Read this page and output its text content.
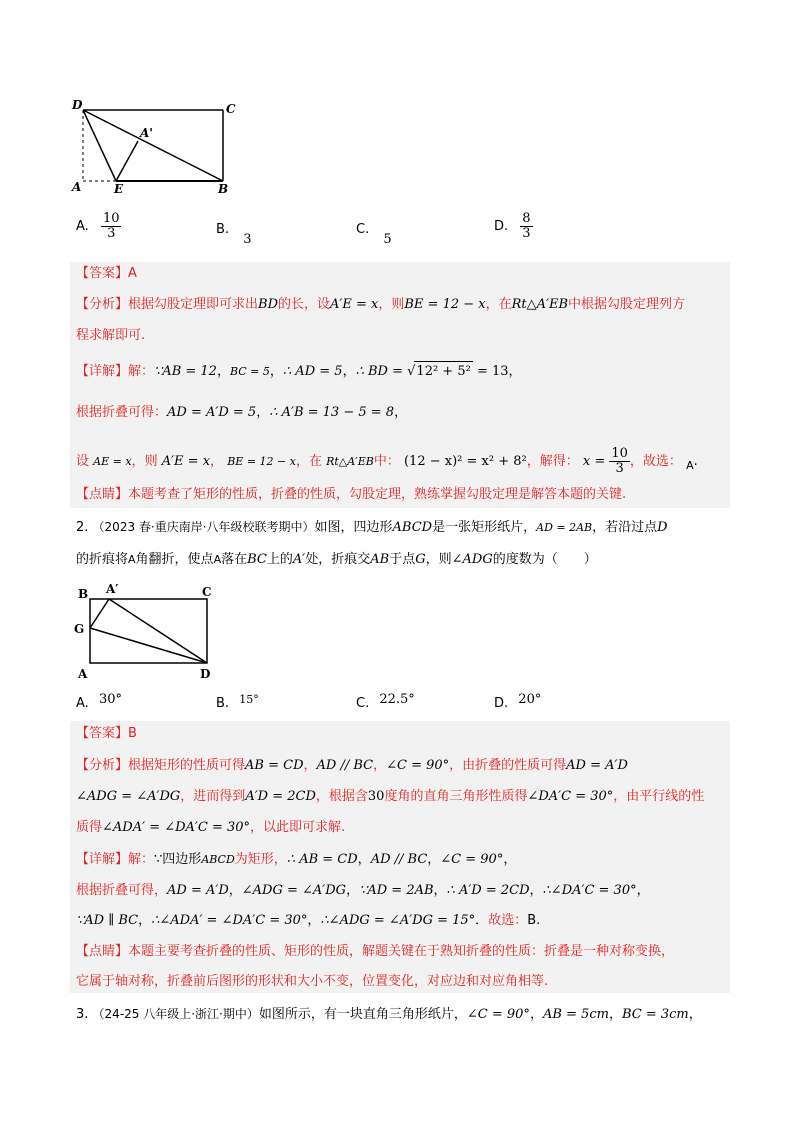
D	C
A'
A	E	B
A. $\frac{10}{3}$	B. 3
C. 5
D. $\frac{8}{3}$
【答案】A
【分析】根据勾股定理即可求出BD的长，设A′E = x，则BE = 12 − x，在Rt△A′EB中根据勾股定理列方
程求解即可.
【详解】解：∵AB = 12，BC = 5，∴ AD = 5，∴ BD = √12² + 5² = 13，
根据折叠可得：AD = A′D = 5，∴ A′B = 13 − 5 = 8，
设 AE = x，则 A′E = x， BE = 12 − x，在 Rt△A′EB中： (12 − x)² = x² + 8²，解得： $x = \frac{10}{3}$ ，故选： $_A$.
【点睛】本题考查了矩形的性质，折叠的性质，勾股定理，熟练掌握勾股定理是解答本题的关键.
2. （2023 春·重庆南岸·八年级校联考期中）如图，四边形ABCD是一张矩形纸片，AD = 2AB，若沿过点D
的折痕将A角翻折，使点A落在BC上的A′处，折痕交AB于点G，则∠ADG的度数为（　　）
B A′	C
G
A	D
A. 30°	B. $^{15^\circ}$	C. 22.5°	D. 20°
【答案】B
【分析】根据矩形的性质可得AB = CD，AD // BC，∠C = 90°，由折叠的性质可得AD = A′D
∠ADG = ∠A′DG，进而得到A′D = 2CD，根据含30度角的直角三角形性质得∠DA′C = 30°，由平行线的性
质得∠ADA′ = ∠DA′C = 30°，以此即可求解.
【详解】解：∵四边形ABCD为矩形，∴ AB = CD，AD // BC，∠C = 90°，
根据折叠可得，AD = A′D，∠ADG = ∠A′DG，∵AD = 2AB，∴ A′D = 2CD，∴∠DA′C = 30°，
∵AD ∥ BC，∴∠ADA′ = ∠DA′C = 30°，∴∠ADG = ∠A′DG = 15°．故选：B.
【点睛】本题主要考查折叠的性质、矩形的性质，解题关键在于熟知折叠的性质：折叠是一种对称变换，
它属于轴对称，折叠前后图形的形状和大小不变，位置变化，对应边和对应角相等.
3. （24-25 八年级上·浙江·期中）如图所示，有一块直角三角形纸片，∠C = 90°，AB = 5cm，BC = 3cm，
